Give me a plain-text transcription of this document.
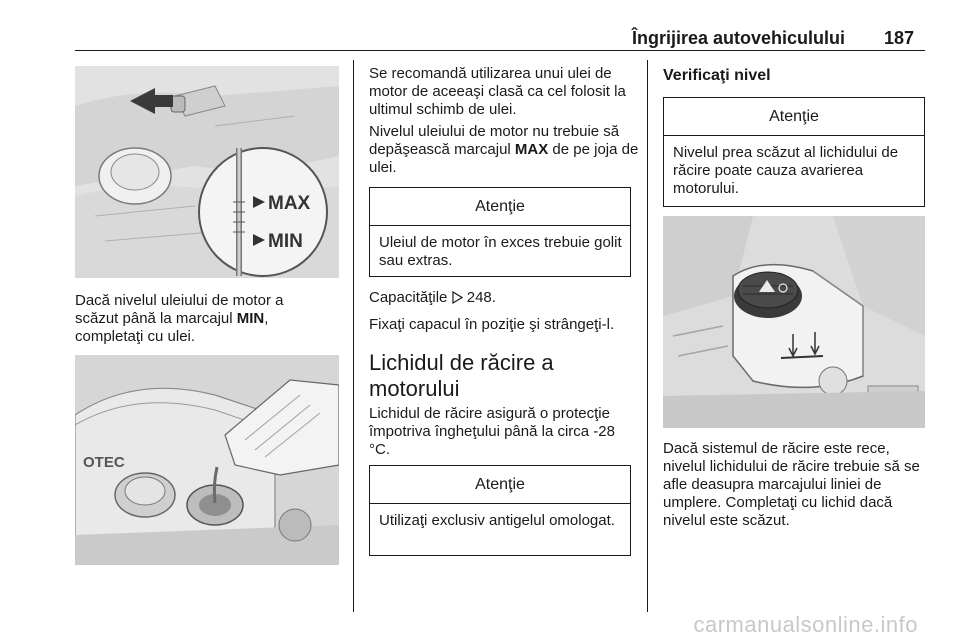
Îngrijirea autovehiculului 187
MAX
MIN

Dacă nivelul uleiului de motor a
scăzut până la marcajul MIN,
completaţi cu ulei.

OTEC

Se recomandă utilizarea unui ulei de motor de aceeaşi clasă ca cel folosit la ultimul schimb de ulei.

Nivelul uleiului de motor nu trebuie să depăşească marcajul MAX de pe joja de ulei.

Atenţie
Uleiul de motor în exces trebuie golit sau extras.

Capacităţile 248.

Fixaţi capacul în poziţie şi strângeţi-l.

Lichidul de răcire a motorului

Lichidul de răcire asigură o protecţie împotriva îngheţului până la circa -28 °C.

Atenţie
Utilizaţi exclusiv antigelul omologat.
Verificaţi nivel
Atenţie
Nivelul prea scăzut al lichidului de răcire poate cauza avarierea motorului.

Dacă sistemul de răcire este rece, nivelul lichidului de răcire trebuie să se afle deasupra marcajului liniei de umplere. Completaţi cu lichid dacă nivelul este scăzut.

carmanualsonline.info
